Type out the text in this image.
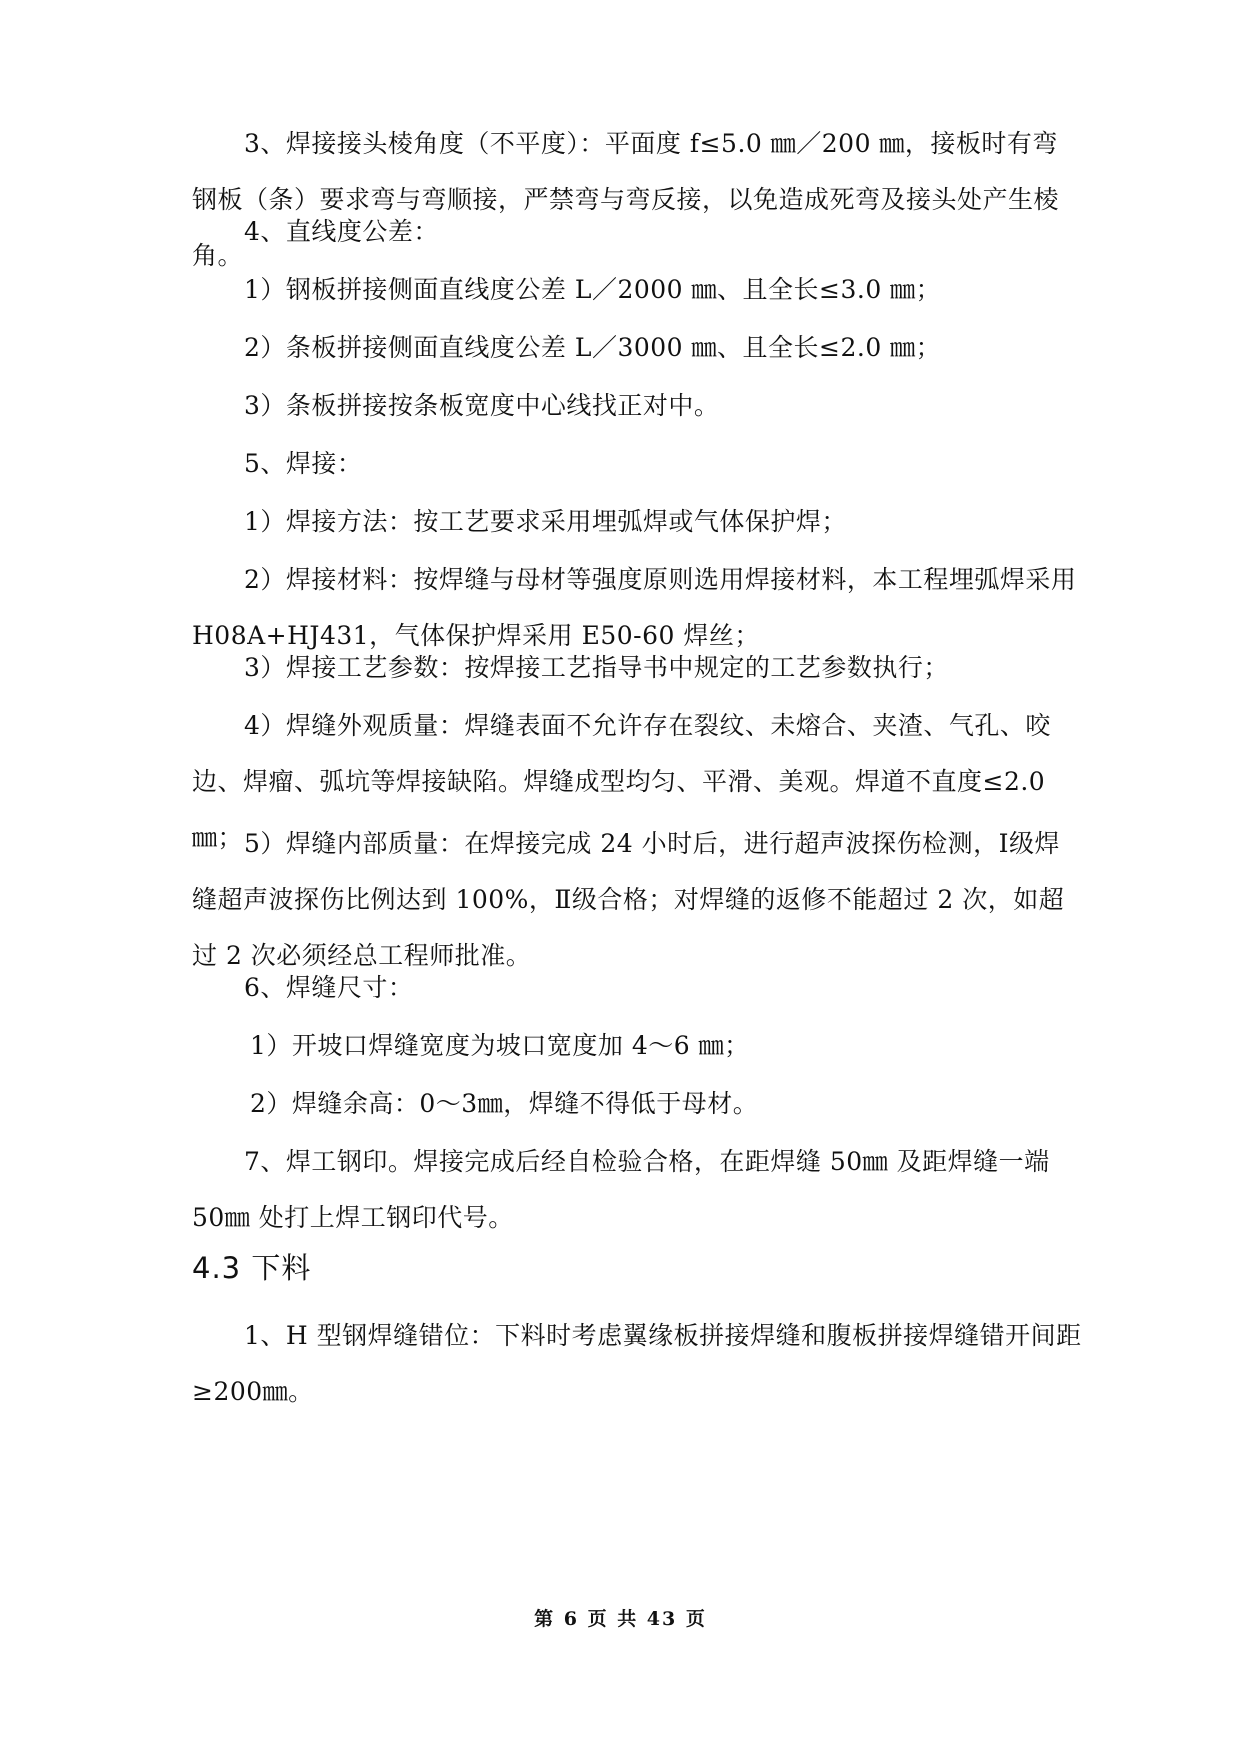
3、焊接接头棱角度（不平度）：平面度 f≤5.0 ㎜／200 ㎜，接板时有弯钢板（条）要求弯与弯顺接，严禁弯与弯反接，以免造成死弯及接头处产生棱角。

4、直线度公差：

1）钢板拼接侧面直线度公差 L／2000 ㎜、且全长≤3.0 ㎜；

2）条板拼接侧面直线度公差 L／3000 ㎜、且全长≤2.0 ㎜；

3）条板拼接按条板宽度中心线找正对中。

5、焊接：

1）焊接方法：按工艺要求采用埋弧焊或气体保护焊；

2）焊接材料：按焊缝与母材等强度原则选用焊接材料，本工程埋弧焊采用 H08A+HJ431，气体保护焊采用 E50-60 焊丝；

3）焊接工艺参数：按焊接工艺指导书中规定的工艺参数执行；

4）焊缝外观质量：焊缝表面不允许存在裂纹、未熔合、夹渣、气孔、咬边、焊瘤、弧坑等焊接缺陷。焊缝成型均匀、平滑、美观。焊道不直度≤2.0㎜； 5）焊缝内部质量：在焊接完成 24 小时后，进行超声波探伤检测，Ⅰ级焊缝超声波探伤比例达到 100%，Ⅱ级合格；对焊缝的返修不能超过 2 次，如超过 2 次必须经总工程师批准。

6、焊缝尺寸：

1）开坡口焊缝宽度为坡口宽度加 4～6 ㎜；

2）焊缝余高：0～3㎜，焊缝不得低于母材。

7、焊工钢印。焊接完成后经自检验合格，在距焊缝 50㎜ 及距焊缝一端 50㎜ 处打上焊工钢印代号。

4.3 下料

1、H 型钢焊缝错位：下料时考虑翼缘板拼接焊缝和腹板拼接焊缝错开间距≥200㎜。

第 6 页 共 43 页
